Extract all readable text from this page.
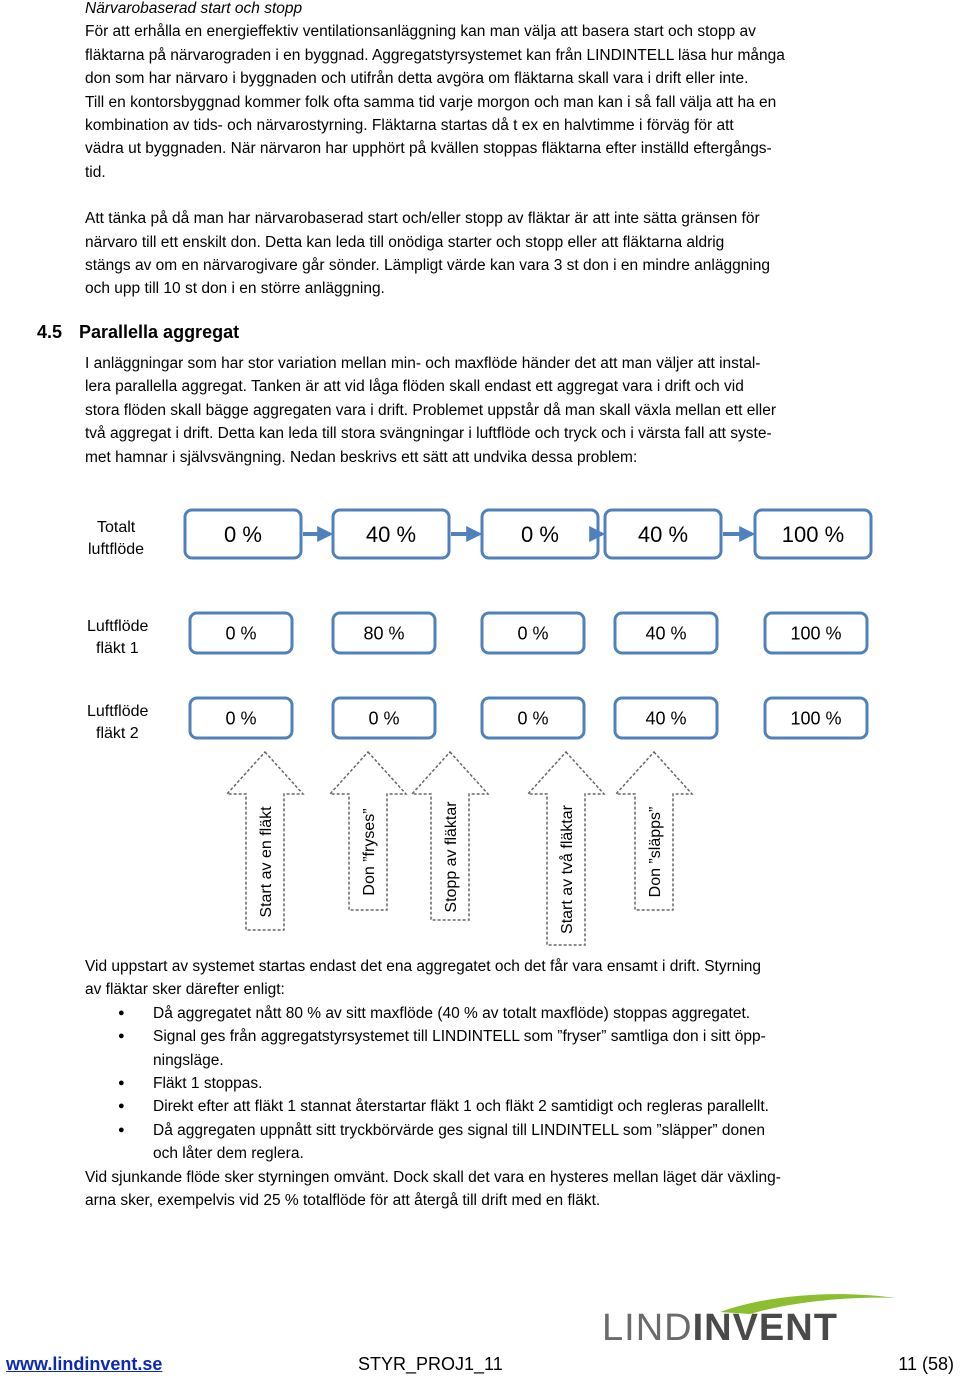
Närvarobaserad start och stopp

För att erhålla en energieffektiv ventilationsanläggning kan man välja att basera start och stopp av

fläktarna på närvarograden i en byggnad. Aggregatstyrsystemet kan från LINDINTELL läsa hur många

don som har närvaro i byggnaden och utifrån detta avgöra om fläktarna skall vara i drift eller inte.

Till en kontorsbyggnad kommer folk ofta samma tid varje morgon och man kan i så fall välja att ha en

kombination av tids- och närvarostyrning. Fläktarna startas då t ex en halvtimme i förväg för att

vädra ut byggnaden. När närvaron har upphört på kvällen stoppas fläktarna efter inställd eftergångs-

tid.

Att tänka på då man har närvarobaserad start och/eller stopp av fläktar är att inte sätta gränsen för

närvaro till ett enskilt don. Detta kan leda till onödiga starter och stopp eller att fläktarna aldrig

stängs av om en närvarogivare går sönder. Lämpligt värde kan vara 3 st don i en mindre anläggning

och upp till 10 st don i en större anläggning.

4.5 Parallella aggregat

I anläggningar som har stor variation mellan min- och maxflöde händer det att man väljer att instal-

lera parallella aggregat. Tanken är att vid låga flöden skall endast ett aggregat vara i drift och vid

stora flöden skall bägge aggregaten vara i drift. Problemet uppstår då man skall växla mellan ett eller

två aggregat i drift. Detta kan leda till stora svängningar i luftflöde och tryck och i värsta fall att syste-

met hamnar i självsvängning. Nedan beskrivs ett sätt att undvika dessa problem:

Totalt
luftflöde
0 %	40 %	0 %	40 %	100 %
Luftflöde
fläkt 1
0 %	80 %	0 %	40 %	100 %
Luftflöde
fläkt 2
0 %	0 %	0 %	40 %	100 %
Start av en fläkt	Don ”fryses”	Stopp av fläktar	Start av två fläktar	Don ”släpps”

Vid uppstart av systemet startas endast det ena aggregatet och det får vara ensamt i drift. Styrning

av fläktar sker därefter enligt:

● Då aggregatet nått 80 % av sitt maxflöde (40 % av totalt maxflöde) stoppas aggregatet.
● Signal ges från aggregatstyrsystemet till LINDINTELL som ”fryser” samtliga don i sitt öpp-
ningsläge.
● Fläkt 1 stoppas.
● Direkt efter att fläkt 1 stannat återstartar fläkt 1 och fläkt 2 samtidigt och regleras parallellt.
● Då aggregaten uppnått sitt tryckbörvärde ges signal till LINDINTELL som ”släpper” donen
och låter dem reglera.

Vid sjunkande flöde sker styrningen omvänt. Dock skall det vara en hysteres mellan läget där växling-

arna sker, exempelvis vid 25 % totalflöde för att återgå till drift med en fläkt.

LINDINVENT
www.lindinvent.se	STYR_PROJ1_11	11 (58)
